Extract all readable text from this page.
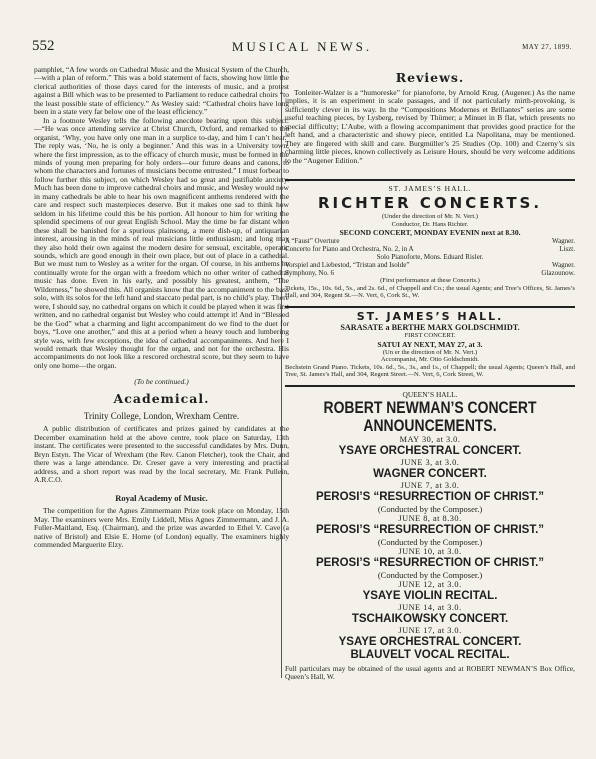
552	MUSICAL NEWS.	MAY 27, 1899.

pamphlet, “A few words on Cathedral Music and the Musical System of the Church,—with a plan of reform.” This was a bold statement of facts, showing how little the clerical authorities of those days cared for the interests of music, and a protest against a Bill which was to be presented to Parliament to reduce cathedral choirs “to the least possible state of efficiency.” As Wesley said: “Cathedral choirs have long been in a state very far below one of the least efficiency.”

In a footnote Wesley tells the following anecdote bearing upon this subject:—“He was once attending service at Christ Church, Oxford, and remarked to the organist, ‘Why, you have only one man in a surplice to-day, and him I can’t hear.’ The reply was, ‘No, he is only a beginner.’ And this was in a University town, where the first impression, as to the efficacy of church music, must be formed in the minds of young men preparing for holy orders—our future deans and canons, to whom the characters and fortunes of musicians become entrusted.” I must forbear to follow further this subject, on which Wesley had so great and justifiable anxiety. Much has been done to improve cathedral choirs and music, and Wesley would now in many cathedrals be able to hear his own magnificent anthems rendered with the care and respect such masterpieces deserve. But it makes one sad to think how seldom in his lifetime could this be his portion. All honour to him for writing the splendid specimens of our great English School. May the time be far distant when these shall be banished for a spurious plainsong, a mere dish-up, of antiquarian interest, arousing in the minds of real musicians little enthusiasm; and long may they also hold their own against the modern desire for sensual, excitable, operatic sounds, which are good enough in their own place, but out of place in a cathedral. But we must turn to Wesley as a writer for the organ. Of course, in his anthems he continually wrote for the organ with a freedom which no other writer of cathedral music has done. Even in his early, and possibly his greatest, anthem, “The Wilderness,” he showed this. All organists know that the accompaniment to the bass solo, with its solos for the left hand and staccato pedal part, is no child’s play. There were, I should say, no cathedral organs on which it could be played when it was first written, and no cathedral organist but Wesley who could attempt it! And in “Blessed be the God” what a charming and light accompaniment do we find to the duet for boys, “Love one another,” and this at a period when a heavy touch and lumbering style was, with few exceptions, the idea of cathedral accompaniments. And here I would remark that Wesley thought for the organ, and not for the orchestra. His accompaniments do not look like a rescored orchestral score, but they seem to have only one home—the organ.

(To be continued.)
Academical.
Trinity College, London, Wrexham Centre.

A public distribution of certificates and prizes gained by candidates at the December examination held at the above centre, took place on Saturday, 13th instant. The certificates were presented to the successful candidates by Mrs. Dunn, Bryn Estyn. The Vicar of Wrexham (the Rev. Canon Fletcher), took the Chair, and there was a large attendance. Dr. Creser gave a very interesting and practical address, and a short report was read by the local secretary, Mr. Frank Pullein, A.R.C.O.

Royal Academy of Music.

The competition for the Agnes Zimmermann Prize took place on Monday, 15th May. The examiners were Mrs. Emily Liddell, Miss Agnes Zimmermann, and J. A. Fuller-Maitland, Esq. (Chairman), and the prize was awarded to Ethel V. Cave (a native of Bristol) and Elsie E. Horne (of London) equally. The examiners highly commended Marguerite Elzy.

Reviews.

Tonleiter-Walzer is a “humoreske” for pianoforte, by Arnold Krug. (Augener.) As the name implies, it is an experiment in scale passages, and if not particularly mirth-provoking, is sufficiently clever in its way. In the “Compositions Modernes et Brillantes” series are some useful teaching pieces, by Lysberg, revised by Thümer; a Minuet in B flat, which presents no special difficulty; L’Aube, with a flowing accompaniment that provides good practice for the left hand, and a characteristic and showy piece, entitled La Napolitana, may be mentioned. They are fingered with skill and care. Burgmüller’s 25 Studies (Op. 100) and Czerny’s six charming little pieces, known collectively as Leisure Hours, should be very welcome additions to the “Augener Edition.”

ST. JAMES’S HALL.
RICHTER CONCERTS.
(Under the direction of Mr. N. Vert.)
Conductor, Dr. Hans Richter.
SECOND CONCERT, MONDAY EVENIN next at 8.30.
A “Faust” Overture	Wagner.
Concerto for Piano and Orchestra, No. 2, in A	Liszt.
Solo Pianoforte, Mons. Eduard Risler.
Vorspiel and Liebestod, “Tristan and Isolde”	Wagner.
Symphony, No. 6	Glazounow.
(First performance at these Concerts.)

Tickets, 15s., 10s. 6d., 5s., and 2s. 6d., of Chappell and Co.; the usual Agents; and Tree’s Offices, St. James’s Hall, and 304, Regent St.—N. Vert, 6, Cork St., W.

ST. JAMES’S HALL.
SARASATE a BERTHE MARX GOLDSCHMIDT.
FIRST CONCERT.
SATUΙ AY NEXT, MAY 27, at 3.
(Un er the direction of Mr. N. Vert.)
Accompanist, Mr. Otto Goldschmidt.

Bechstein Grand Piano. Tickets, 10s. 6d., 5s., 3s., and 1s., of Chappell; the usual Agents; Queen’s Hall, and Tree, St. James’s Hall, and 304, Regent Street.—N. Vert, 6, Cork Street, W.

QUEEN’S HALL.
ROBERT NEWMAN’S CONCERT
ANNOUNCEMENTS.
MAY 30, at 3.0.
YSAYE ORCHESTRAL CONCERT.
JUNE 3, at 3.0.
WAGNER CONCERT.
JUNE 7, at 3.0.
PEROSI’S “RESURRECTION OF CHRIST.”
(Conducted by the Composer.)
JUNE 8, at 8.30.
PEROSI’S “RESURRECTION OF CHRIST.”
(Conducted by the Composer.)
JUNE 10, at 3.0.
PEROSI’S “RESURRECTION OF CHRIST.”
(Conducted by the Composer.)
JUNE 12, at 3.0.
YSAYE VIOLIN RECITAL.
JUNE 14, at 3.0.
TSCHAIKOWSKY CONCERT.
JUNE 17, at 3.0.
YSAYE ORCHESTRAL CONCERT.
BLAUVELT VOCAL RECITAL.

Full particulars may be obtained of the usual agents and at ROBERT NEWMAN’S Box Office, Queen’s Hall, W.
